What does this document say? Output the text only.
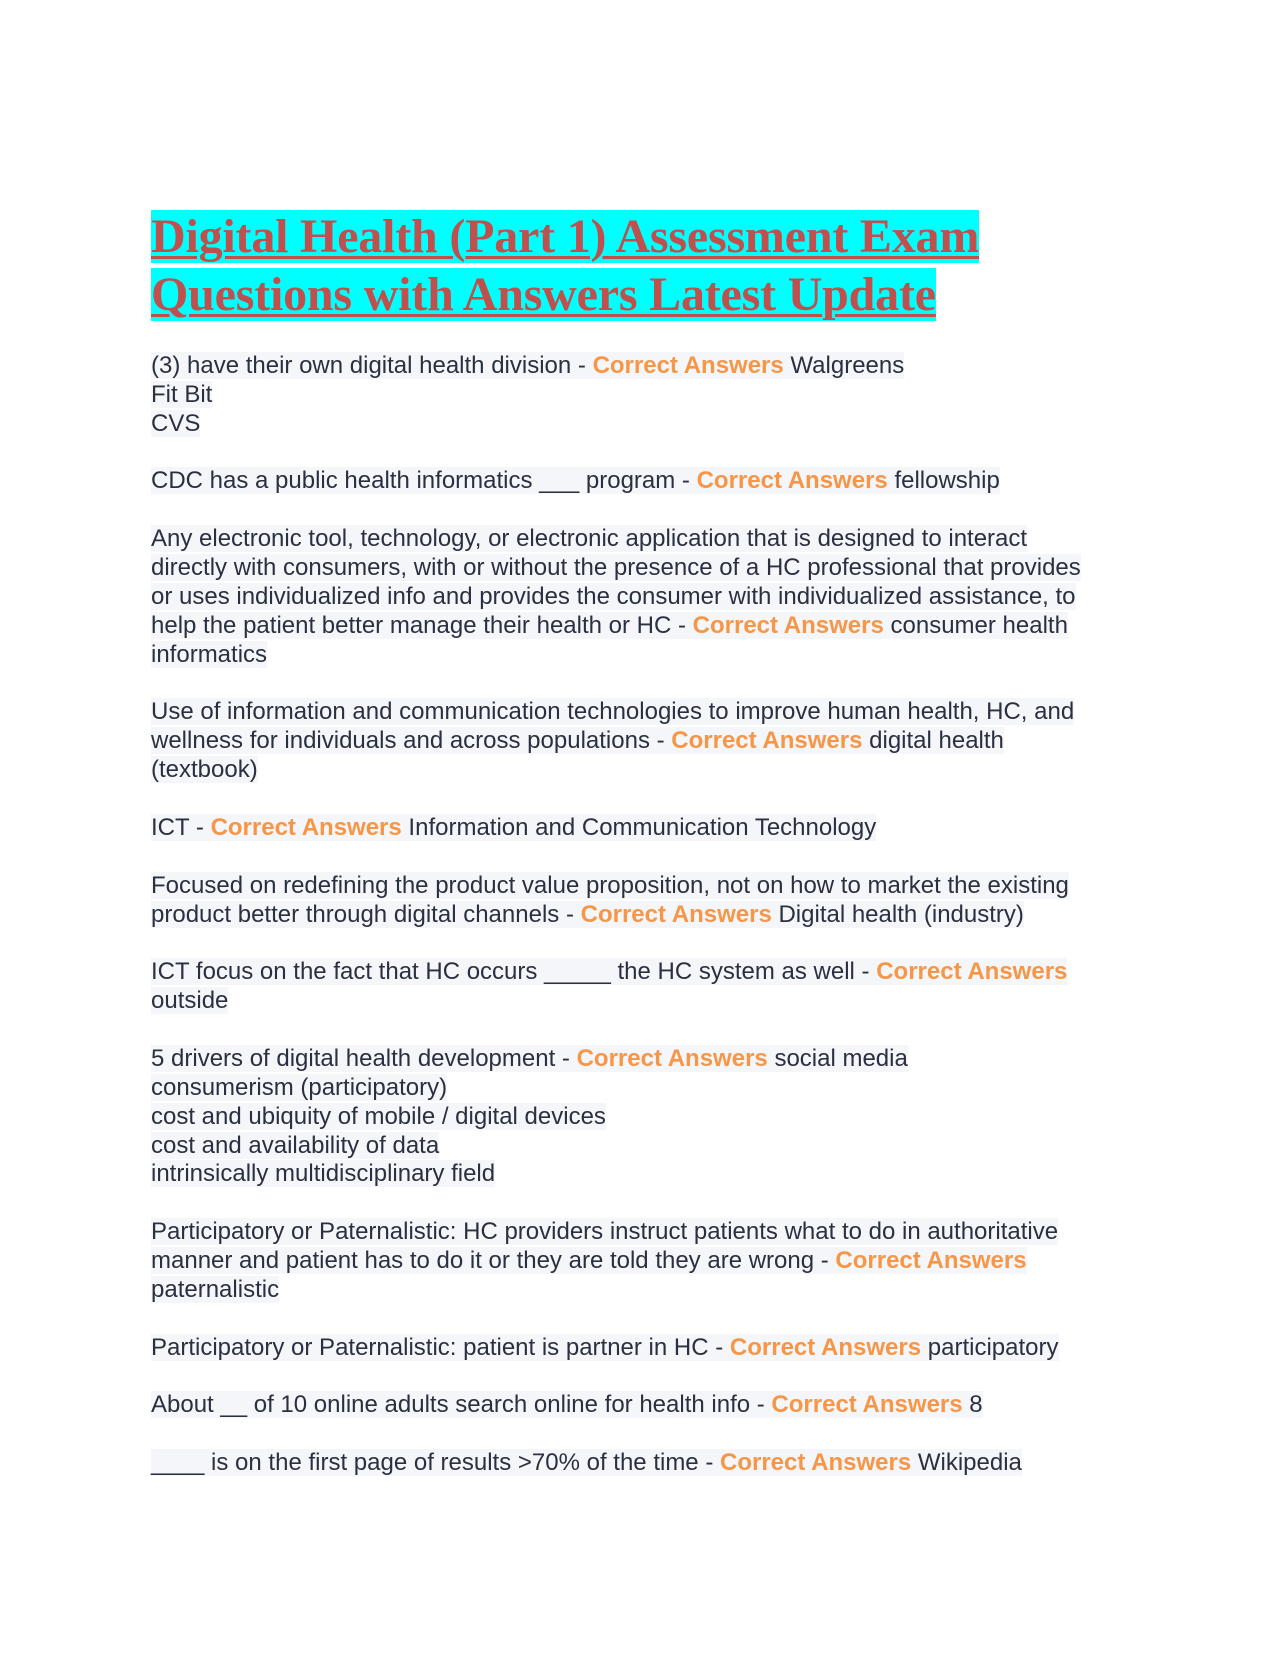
Digital Health (Part 1) Assessment Exam
Questions with Answers Latest Update

(3) have their own digital health division - Correct Answers Walgreens
Fit Bit
CVS

CDC has a public health informatics ___ program - Correct Answers fellowship

Any electronic tool, technology, or electronic application that is designed to interact
directly with consumers, with or without the presence of a HC professional that provides
or uses individualized info and provides the consumer with individualized assistance, to
help the patient better manage their health or HC - Correct Answers consumer health
informatics

Use of information and communication technologies to improve human health, HC, and
wellness for individuals and across populations - Correct Answers digital health
(textbook)

ICT - Correct Answers Information and Communication Technology

Focused on redefining the product value proposition, not on how to market the existing
product better through digital channels - Correct Answers Digital health (industry)

ICT focus on the fact that HC occurs _____ the HC system as well - Correct Answers
outside

5 drivers of digital health development - Correct Answers social media
consumerism (participatory)
cost and ubiquity of mobile / digital devices
cost and availability of data
intrinsically multidisciplinary field

Participatory or Paternalistic: HC providers instruct patients what to do in authoritative
manner and patient has to do it or they are told they are wrong - Correct Answers
paternalistic

Participatory or Paternalistic: patient is partner in HC - Correct Answers participatory

About __ of 10 online adults search online for health info - Correct Answers 8

____ is on the first page of results >70% of the time - Correct Answers Wikipedia
